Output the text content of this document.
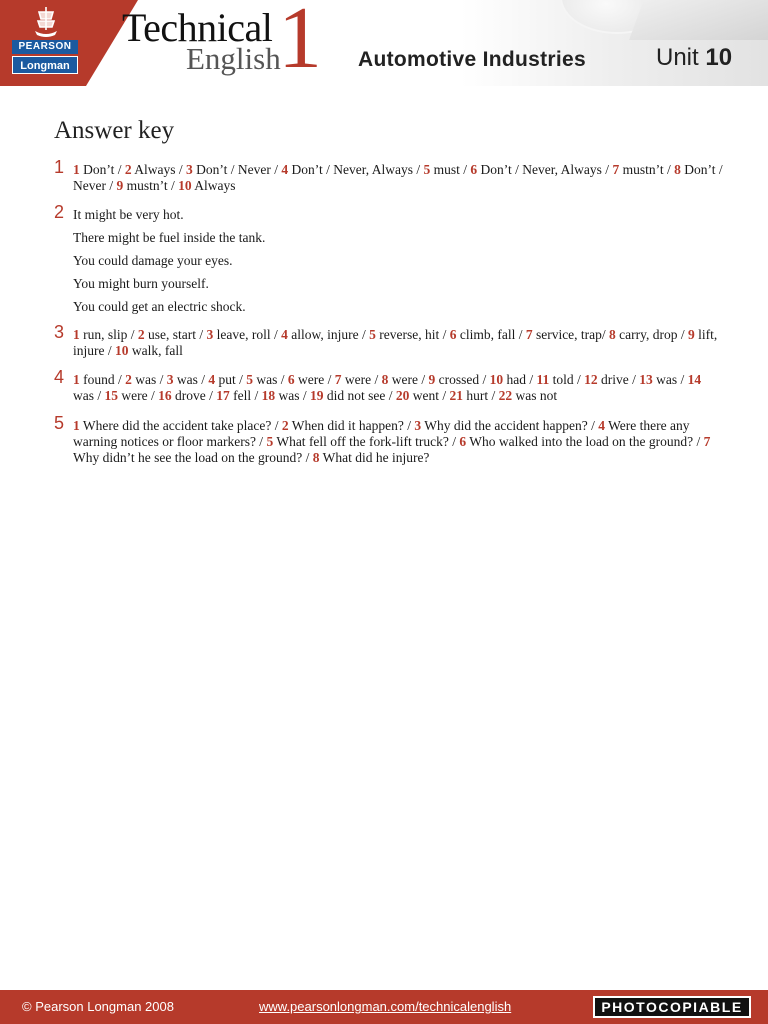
PEARSON
Longman
Technical
English
1 Automotive Industries	Unit 10
Answer key
1 1 Don’t / 2 Always / 3 Don’t / Never / 4 Don’t / Never, Always / 5 must / 6 Don’t / Never, Always / 7 mustn’t / 8 Don’t / Never / 9 mustn’t / 10 Always
2 It might be very hot.
There might be fuel inside the tank.
You could damage your eyes.
You might burn yourself.
You could get an electric shock.
3 1 run, slip / 2 use, start / 3 leave, roll / 4 allow, injure / 5 reverse, hit / 6 climb, fall / 7 service, trap/ 8 carry, drop / 9 lift, injure / 10 walk, fall
4 1 found / 2 was / 3 was / 4 put / 5 was / 6 were / 7 were / 8 were / 9 crossed / 10 had / 11 told / 12 drive / 13 was / 14 was / 15 were / 16 drove / 17 fell / 18 was / 19 did not see / 20 went / 21 hurt / 22 was not
5 1 Where did the accident take place? / 2 When did it happen? / 3 Why did the accident happen? / 4 Were there any warning notices or floor markers? / 5 What fell off the fork-lift truck? / 6 Who walked into the load on the ground? / 7 Why didn’t he see the load on the ground? / 8 What did he injure?
© Pearson Longman 2008	www.pearsonlongman.com/technicalenglish	PHOTOCOPIABLE
